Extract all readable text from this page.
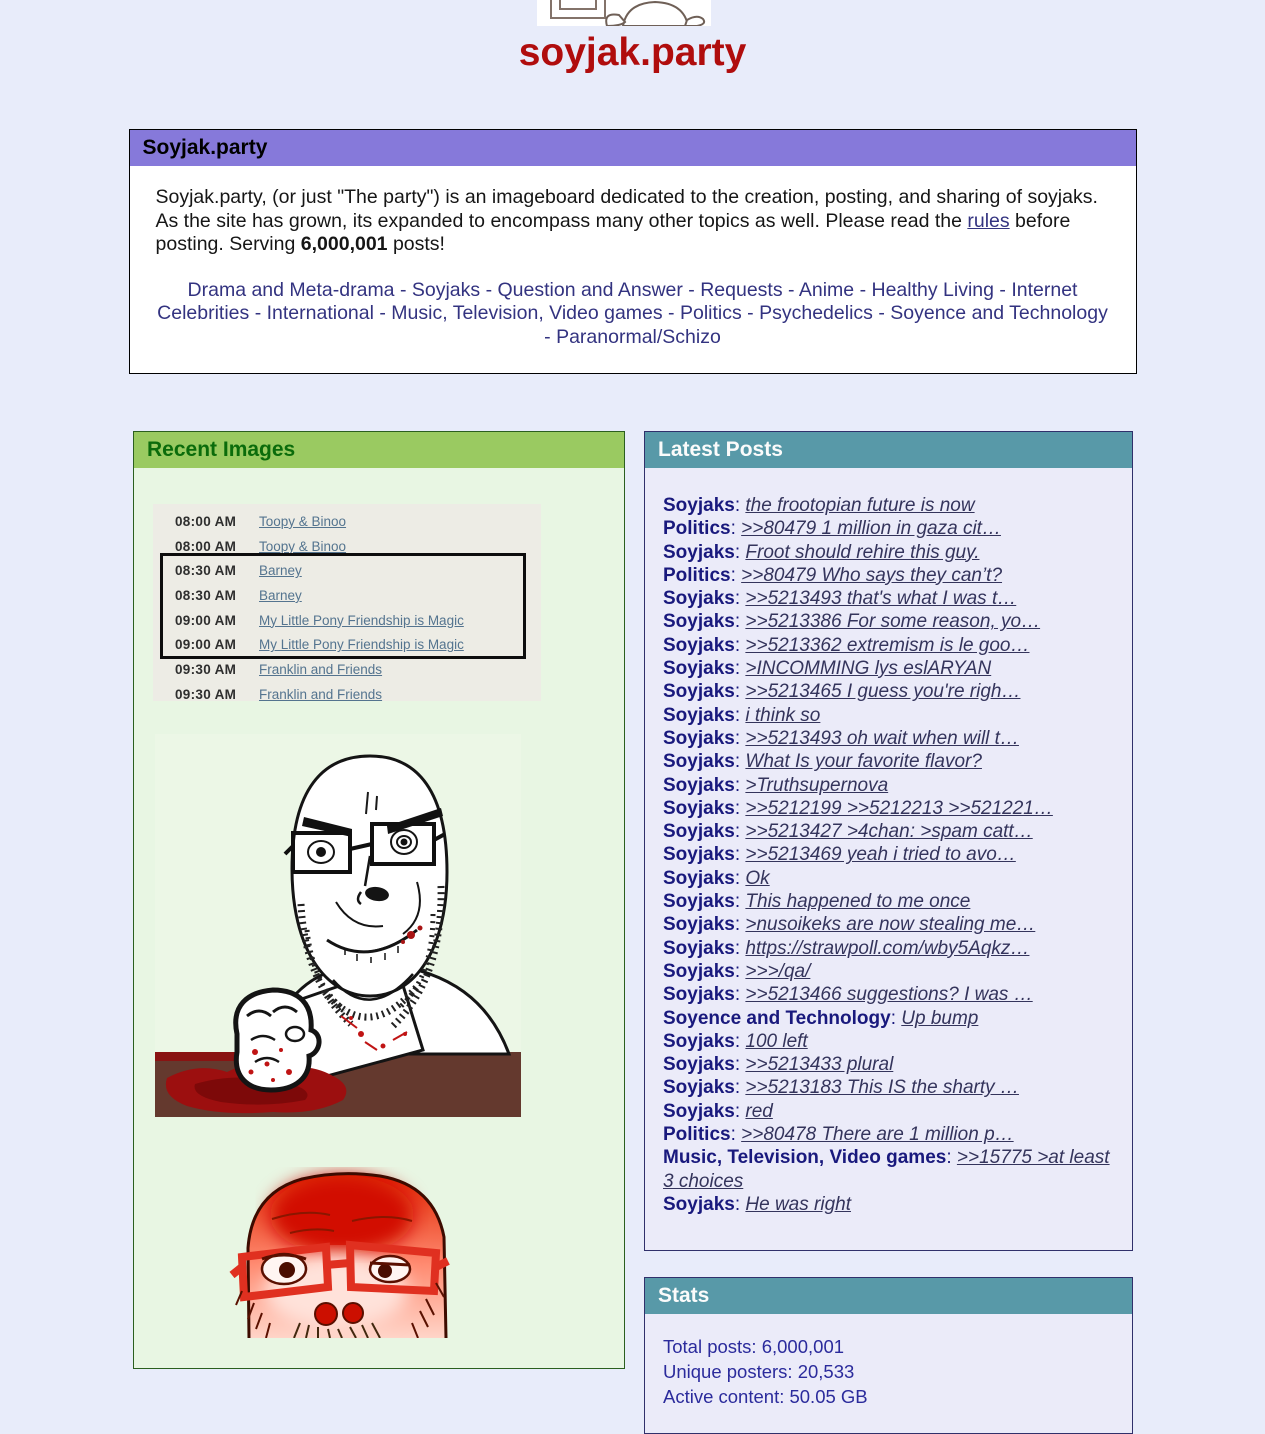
soyjak.party
Soyjak.party
Soyjak.party, (or just "The party") is an imageboard dedicated to the creation, posting, and sharing of soyjaks. As the site has grown, its expanded to encompass many other topics as well. Please read the rules before posting. Serving 6,000,001 posts!
Drama and Meta-drama - Soyjaks - Question and Answer - Requests - Anime - Healthy Living - Internet Celebrities - International - Music, Television, Video games - Politics - Psychedelics - Soyence and Technology - Paranormal/Schizo
Recent Images
08:00 AM	Toopy & Binoo
08:00 AM	Toopy & Binoo
08:30 AM	Barney
08:30 AM	Barney
09:00 AM	My Little Pony Friendship is Magic
09:00 AM	My Little Pony Friendship is Magic
09:30 AM	Franklin and Friends
09:30 AM	Franklin and Friends
Latest Posts
Soyjaks: the frootopian future is now
Politics: >>80479 1 million in gaza cit…
Soyjaks: Froot should rehire this guy.
Politics: >>80479 Who says they can’t?
Soyjaks: >>5213493 that's what I was t…
Soyjaks: >>5213386 For some reason, yo…
Soyjaks: >>5213362 extremism is le goo…
Soyjaks: >INCOMMING lys eslARYAN
Soyjaks: >>5213465 I guess you're righ…
Soyjaks: i think so
Soyjaks: >>5213493 oh wait when will t…
Soyjaks: What Is your favorite flavor?
Soyjaks: >Truthsupernova
Soyjaks: >>5212199 >>5212213 >>521221…
Soyjaks: >>5213427 >4chan: >spam catt…
Soyjaks: >>5213469 yeah i tried to avo…
Soyjaks: Ok
Soyjaks: This happened to me once
Soyjaks: >nusoikeks are now stealing me…
Soyjaks: https://strawpoll.com/wby5Aqkz…
Soyjaks: >>>/qa/
Soyjaks: >>5213466 suggestions? I was …
Soyence and Technology: Up bump
Soyjaks: 100 left
Soyjaks: >>5213433 plural
Soyjaks: >>5213183 This IS the sharty …
Soyjaks: red
Politics: >>80478 There are 1 million p…
Music, Television, Video games: >>15775 >at least 3 choices
Soyjaks: He was right
Stats
Total posts: 6,000,001
Unique posters: 20,533
Active content: 50.05 GB
